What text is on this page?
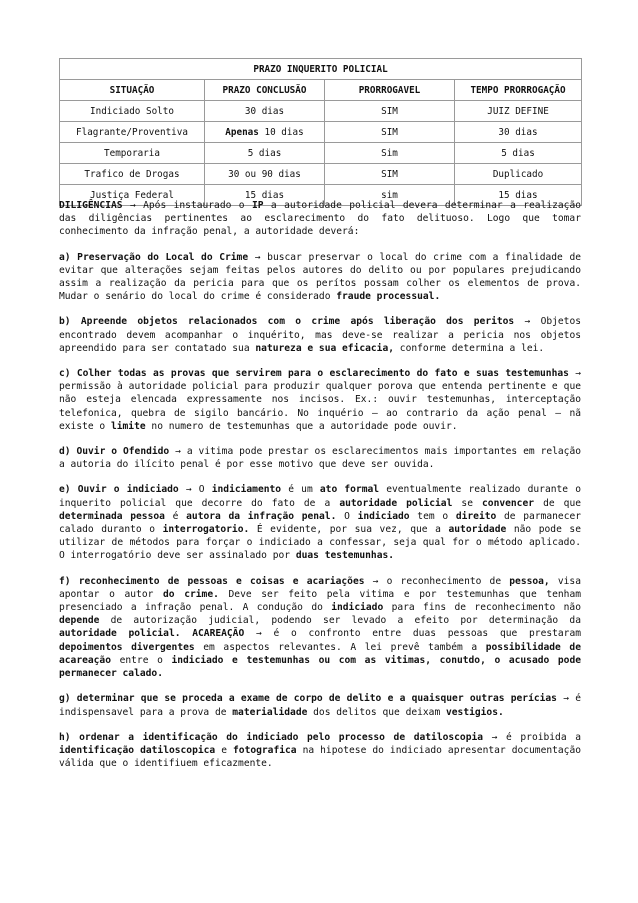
PRAZO INQUERITO POLICIAL			
SITUAÇÃO	PRAZO CONCLUSÃO	PRORROGAVEL	TEMPO PRORROGAÇÃO
Indiciado Solto	30 dias	SIM	JUIZ DEFINE
Flagrante/Proventiva	Apenas 10 dias	SIM	30 dias
Temporaria	5 dias	Sim	5 dias
Trafico de Drogas	30 ou 90 dias	SIM	Duplicado
Justiça Federal	15 dias	sim	15 dias

DILIGÊNCIAS → Após instaurado o IP a autoridade policial devera determinar a realização das diligências pertinentes ao esclarecimento do fato delituoso. Logo que tomar conhecimento da infração penal, a autoridade deverá:

a) Preservação do Local do Crime → buscar preservar o local do crime com a finalidade de evitar que alterações sejam feitas pelos autores do delito ou por populares prejudicando assim a realização da pericia para que os perítos possam colher os elementos de prova. Mudar o senário do local do crime é considerado fraude processual.

b) Apreende objetos relacionados com o crime após liberação dos peritos → Objetos encontrado devem acompanhar o inquérito, mas deve-se realizar a pericia nos objetos apreendido para ser contatado sua natureza e sua eficacia, conforme determina a lei.

c) Colher todas as provas que servirem para o esclarecimento do fato e suas testemunhas → permissão à autoridade policial para produzir qualquer porova que entenda pertinente e que não esteja elencada expressamente nos incisos. Ex.: ouvir testemunhas, interceptação telefonica, quebra de sigilo bancário. No inquério — ao contrario da ação penal — nã existe o limite no numero de testemunhas que a autoridade pode ouvir.

d) Ouvir o Ofendido → a vitima pode prestar os esclarecimentos mais importantes em relação a autoria do ilícito penal é por esse motivo que deve ser ouvida.

e) Ouvir o indiciado → O indiciamento é um ato formal eventualmente realizado durante o inquerito policial que decorre do fato de a autoridade policial se convencer de que determinada pessoa é autora da infração penal. O indiciado tem o direito de parmanecer calado duranto o interrogatorio. É evidente, por sua vez, que a autoridade não pode se utilizar de métodos para forçar o indiciado a confessar, seja qual for o método aplicado. O interrogatório deve ser assinalado por duas testemunhas.

f) reconhecimento de pessoas e coisas e acariações → o reconhecimento de pessoa, visa apontar o autor do crime. Deve ser feito pela vitima e por testemunhas que tenham presenciado a infração penal. A condução do indiciado para fins de reconhecimento não depende de autorização judicial, podendo ser levado a efeito por determinação da autoridade policial. ACAREAÇÃO → é o confronto entre duas pessoas que prestaram depoimentos divergentes em aspectos relevantes. A lei prevê também a possibilidade de acareação entre o indiciado e testemunhas ou com as vitimas, conutdo, o acusado pode permanecer calado.

g) determinar que se proceda a exame de corpo de delito e a quaisquer outras perícias → é indispensavel para a prova de materialidade dos delitos que deixam vestigios.

h) ordenar a identificação do indiciado pelo processo de datiloscopia → é proibida a identificação datiloscopica e fotografica na hipotese do indiciado apresentar documentação válida que o identifiuem eficazmente.
